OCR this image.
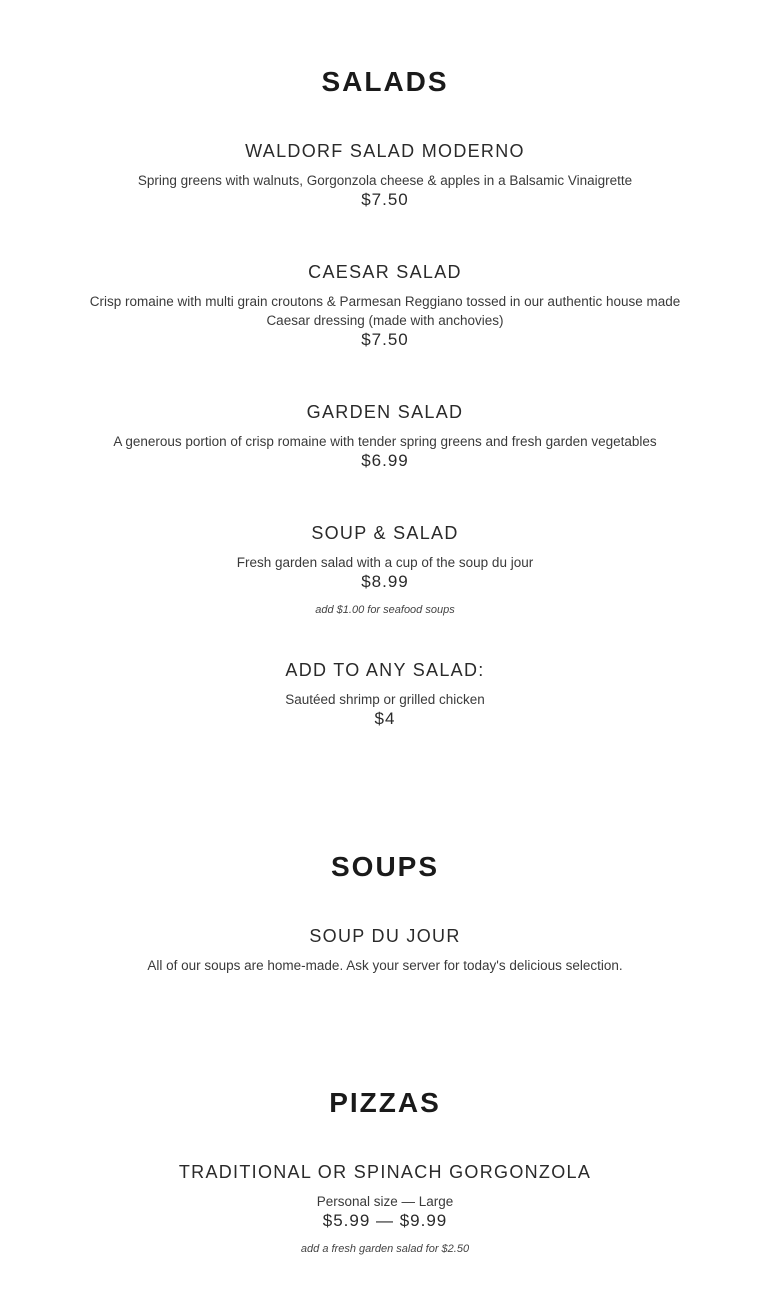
SALADS
WALDORF SALAD MODERNO
Spring greens with walnuts, Gorgonzola cheese & apples in a Balsamic Vinaigrette
$7.50
CAESAR SALAD
Crisp romaine with multi grain croutons & Parmesan Reggiano tossed in our authentic house made Caesar dressing (made with anchovies)
$7.50
GARDEN SALAD
A generous portion of crisp romaine with tender spring greens and fresh garden vegetables
$6.99
SOUP & SALAD
Fresh garden salad with a cup of the soup du jour
$8.99
add $1.00 for seafood soups
ADD TO ANY SALAD:
Sautéed shrimp or grilled chicken
$4
SOUPS
SOUP DU JOUR
All of our soups are home-made. Ask your server for today's delicious selection.
PIZZAS
TRADITIONAL OR SPINACH GORGONZOLA
Personal size — Large
$5.99 — $9.99
add a fresh garden salad for $2.50
